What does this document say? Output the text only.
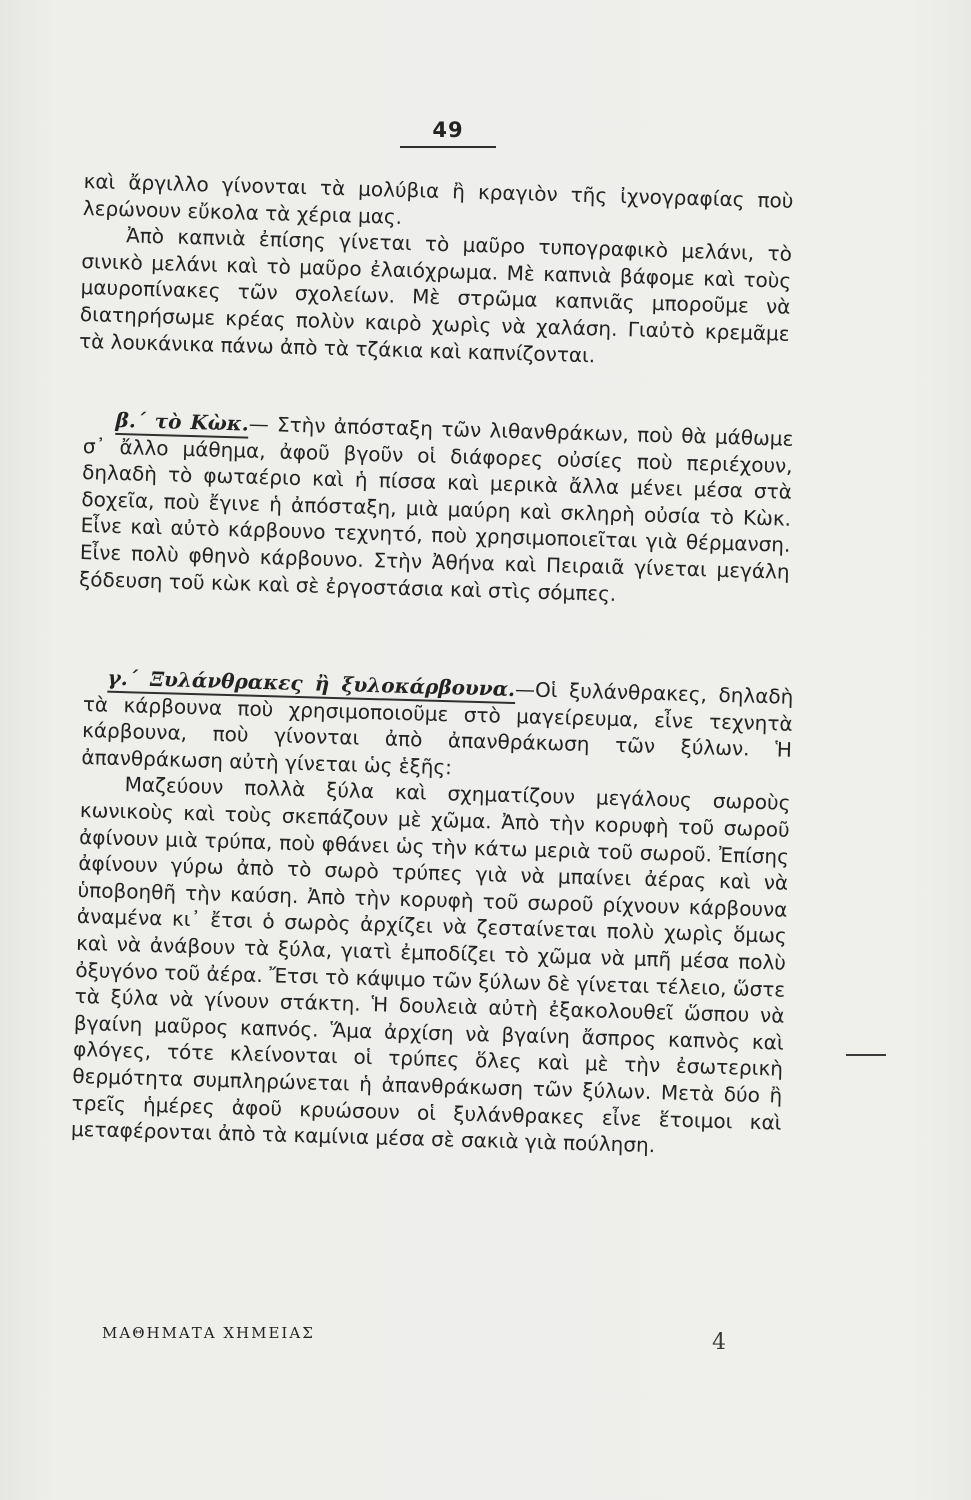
49

καὶ ἄργιλλο γίνονται τὰ μολύβια ἢ κραγιὸν τῆς ἰχνογραφίας ποὺ λερώνουν εὔκολα τὰ χέρια μας.

Ἀπὸ καπνιὰ ἐπίσης γίνεται τὸ μαῦρο τυπογραφικὸ μελάνι, τὸ σινικὸ μελάνι καὶ τὸ μαῦρο ἐλαιόχρωμα. Μὲ καπνιὰ βάφομε καὶ τοὺς μαυροπίνακες τῶν σχολείων. Μὲ στρῶμα καπνιᾶς μποροῦμε νὰ διατηρήσωμε κρέας πολὺν καιρὸ χωρὶς νὰ χαλάση. Γιαὐτὸ κρεμᾶμε τὰ λουκάνικα πάνω ἀπὸ τὰ τζάκια καὶ καπνίζονται.

β.΄ τὸ Κὼκ.— Στὴν ἀπόσταξη τῶν λιθανθράκων, ποὺ θὰ μάθωμε σ᾽ ἄλλο μάθημα, ἀφοῦ βγοῦν οἱ διάφορες οὐσίες ποὺ περιέχουν, δηλαδὴ τὸ φωταέριο καὶ ἡ πίσσα καὶ μερικὰ ἄλλα μένει μέσα στὰ δοχεῖα, ποὺ ἔγινε ἡ ἀπόσταξη, μιὰ μαύρη καὶ σκληρὴ οὐσία τὸ Κὼκ. Εἶνε καὶ αὐτὸ κάρβουνο τεχνητό, ποὺ χρησιμοποιεῖται γιὰ θέρμανση. Εἶνε πολὺ φθηνὸ κάρβουνο. Στὴν Ἀθήνα καὶ Πειραιᾶ γίνεται μεγάλη ξόδευση τοῦ κὼκ καὶ σὲ ἐργοστάσια καὶ στὶς σόμπες.

γ.΄ Ξυλάνθρακες ἢ ξυλοκάρβουνα.—Οἱ ξυλάνθρακες, δηλαδὴ τὰ κάρβουνα ποὺ χρησιμοποιοῦμε στὸ μαγείρευμα, εἶνε τεχνητὰ κάρβουνα, ποὺ γίνονται ἀπὸ ἀπανθράκωση τῶν ξύλων. Ἡ ἀπανθράκωση αὐτὴ γίνεται ὡς ἑξῆς:

Μαζεύουν πολλὰ ξύλα καὶ σχηματίζουν μεγάλους σωροὺς κωνικοὺς καὶ τοὺς σκεπάζουν μὲ χῶμα. Ἀπὸ τὴν κορυφὴ τοῦ σωροῦ ἀφίνουν μιὰ τρύπα, ποὺ φθάνει ὡς τὴν κάτω μεριὰ τοῦ σωροῦ. Ἐπίσης ἀφίνουν γύρω ἀπὸ τὸ σωρὸ τρύπες γιὰ νὰ μπαίνει ἀέρας καὶ νὰ ὑποβοηθῆ τὴν καύση. Ἀπὸ τὴν κορυφὴ τοῦ σωροῦ ρίχνουν κάρβουνα ἀναμένα κι᾽ ἔτσι ὁ σωρὸς ἀρχίζει νὰ ζεσταίνεται πολὺ χωρὶς ὅμως καὶ νὰ ἀνάβουν τὰ ξύλα, γιατὶ ἐμποδίζει τὸ χῶμα νὰ μπῆ μέσα πολὺ ὀξυγόνο τοῦ ἀέρα. Ἔτσι τὸ κάψιμο τῶν ξύλων δὲ γίνεται τέλειο, ὥστε τὰ ξύλα νὰ γίνουν στάκτη. Ἡ δουλειὰ αὐτὴ ἐξακολουθεῖ ὥσπου νὰ βγαίνη μαῦρος καπνός. Ἅμα ἀρχίση νὰ βγαίνη ἄσπρος καπνὸς καὶ φλόγες, τότε κλείνονται οἱ τρύπες ὅλες καὶ μὲ τὴν ἐσωτερικὴ θερμότητα συμπληρώνεται ἡ ἀπανθράκωση τῶν ξύλων. Μετὰ δύο ἢ τρεῖς ἡμέρες ἀφοῦ κρυώσουν οἱ ξυλάνθρακες εἶνε ἕτοιμοι καὶ μεταφέρονται ἀπὸ τὰ καμίνια μέσα σὲ σακιὰ γιὰ πούληση.

ΜΑΘΗΜΑΤΑ ΧΗΜΕΙΑΣ	4
